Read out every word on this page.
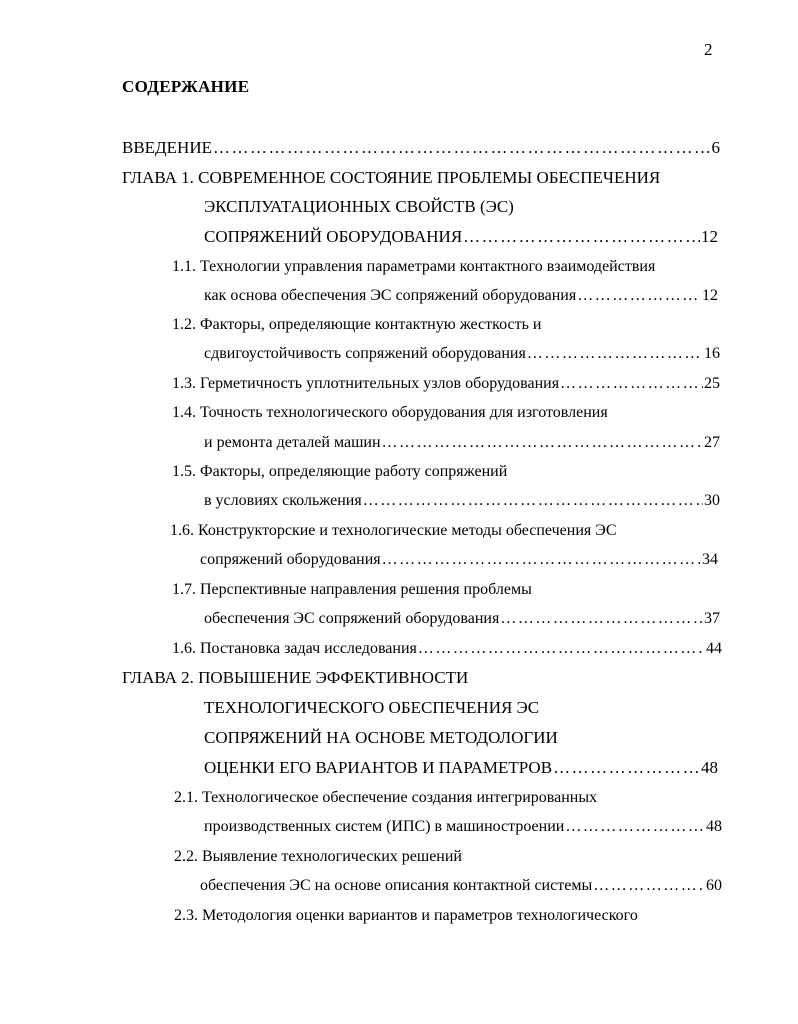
2
СОДЕРЖАНИЕ
ВВЕДЕНИЕ ………………………………………………………………………………………………………………………………………………………………	6
ГЛАВА 1. СОВРЕМЕННОЕ СОСТОЯНИЕ ПРОБЛЕМЫ ОБЕСПЕЧЕНИЯ
ЭКСПЛУАТАЦИОННЫХ СВОЙСТВ (ЭС)
СОПРЯЖЕНИЙ ОБОРУДОВАНИЯ ………………………………………………………………………………………………………………………………………………………………	12
1.1. Технологии управления параметрами контактного взаимодействия
как основа обеспечения ЭС сопряжений оборудования ………………………………………………………………………………………………………………………………………………………………	12
1.2. Факторы, определяющие контактную жесткость и
сдвигоустойчивость сопряжений оборудования ………………………………………………………………………………………………………………………………………………………………	16
1.3. Герметичность уплотнительных узлов оборудования ………………………………………………………………………………………………………………………………………………………………	25
1.4. Точность технологического оборудования для изготовления
и ремонта деталей машин ………………………………………………………………………………………………………………………………………………………………	27
1.5. Факторы, определяющие работу сопряжений
в условиях скольжения ………………………………………………………………………………………………………………………………………………………………	30
1.6. Конструкторские и технологические методы обеспечения ЭС
сопряжений оборудования ………………………………………………………………………………………………………………………………………………………………	34
1.7. Перспективные направления решения проблемы
обеспечения ЭС сопряжений оборудования ………………………………………………………………………………………………………………………………………………………………	37
1.6. Постановка задач исследования ………………………………………………………………………………………………………………………………………………………………	44
ГЛАВА 2. ПОВЫШЕНИЕ ЭФФЕКТИВНОСТИ
ТЕХНОЛОГИЧЕСКОГО ОБЕСПЕЧЕНИЯ ЭС
СОПРЯЖЕНИЙ НА ОСНОВЕ МЕТОДОЛОГИИ
ОЦЕНКИ ЕГО ВАРИАНТОВ И ПАРАМЕТРОВ ………………………………………………………………………………………………………………………………………………………………	48
2.1. Технологическое обеспечение создания интегрированных
производственных систем (ИПС) в машиностроении ………………………………………………………………………………………………………………………………………………………………	48
2.2. Выявление технологических решений
обеспечения ЭС на основе описания контактной системы ………………………………………………………………………………………………………………………………………………………………	60
2.3. Методология оценки вариантов и параметров технологического
